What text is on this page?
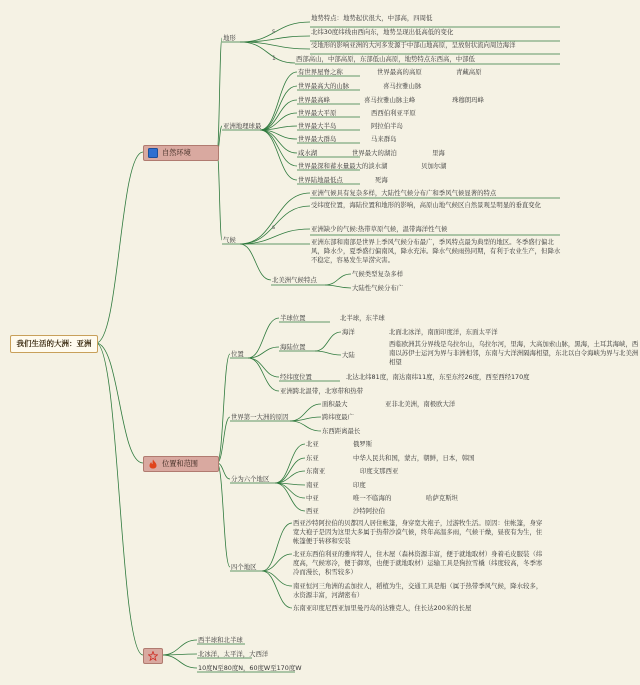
我们生活的大洲：亚洲
自然环境
位置和范围
地形
s
地势特点：地势起伏很大，中部高，四周低
北纬30度纬线由西向东，地势呈现出低高低的变化
受地形的影响亚洲的大河多发源于中部山地高原，呈放射状流向周边海洋
1	西部高山，中部高原，东部低山高原，地势特点东西高，中部低
亚洲地理球最
有世界屋脊之称	世界最高的高原	青藏高原
世界最高大的山脉	喜马拉雅山脉
世界最高峰	喜马拉雅山脉主峰	珠穆朗玛峰
世界最大平原	西西伯利亚平原
世界最大半岛	阿拉伯半岛
世界最大群岛	马来群岛
咸水湖	世界最大的湖泊	里海
世界最深和蓄水量最大的淡水湖	贝加尔湖
世界陆地最低点	死海
气候
s
亚洲气候具有复杂多样，大陆性气候分布广和季风气候显著的特点
受纬度位置，海陆位置和地形的影响，高原山地气候区自然景观呈明显的垂直变化
亚洲缺少的气候:热带草原气候，温带海洋性气候
亚洲东部和南部是世界上季风气候分布最广，季风特点最为典型的地区。冬季盛行偏北风，降水少，夏季盛行偏南风，降水充沛。降水气候雨热同期，有利于农业生产，但降水不稳定，容易发生旱涝灾害。
北美洲气候特点
气候类型复杂多样
大陆性气候分布广
位置
半球位置	北半球，东半球
海陆位置
海洋	北面北冰洋，南面印度洋，东面太平洋
大陆
西临欧洲其分界线是乌拉尔山，乌拉尔河，里海，大高加索山脉，黑海，土耳其海峡，西南以苏伊士运河为界与非洲相邻，东南与大洋洲隔海相望，东北以白令海峡为界与北美洲相望
经纬度位置	北达北纬81度，南达南纬11度，东至东经26度，西至西经170度
亚洲跨北温带，北寒带和热带
世界第一大洲的原因
面积最大	亚非北美洲，南极欧大洋
跨纬度最广
东西距离最长
分为六个地区
北亚	俄罗斯
东亚	中华人民共和国，蒙古，朝鲜，日本，韩国
东南亚	印度支那西亚
南亚	印度
中亚	唯一不临海的	哈萨克斯坦
西亚	沙特阿拉伯
四个地区
西亚沙特阿拉伯的贝都因人居住帐篷，身穿宽大袍子，过游牧生活。原因：住帐篷，身穿宽大袍子是因为这里大多属于热带沙漠气候，终年高温多雨，气候干燥，昼夜有为生，住帐篷便于转移和安装
北亚东西伯利亚的雅库特人，住木屋（森林资源丰富，便于就地取材）身着毛皮服装（纬度高，气候寒冷，便于御寒，也便于就地取材）运输工具是狗拉雪橇（纬度较高，冬季寒冷而漫长，积雪较多）
南亚恒河三角洲的孟加拉人，稻植为生，交通工具是船（属于热带季风气候，降水较多，水资源丰富，河湖密布）
东南亚印度尼西亚加里曼丹岛的达雅克人，住长达200米的长屋
西半球和北半球
北冰洋，太平洋，大西洋
10度N至80度N，60度W至170度W
